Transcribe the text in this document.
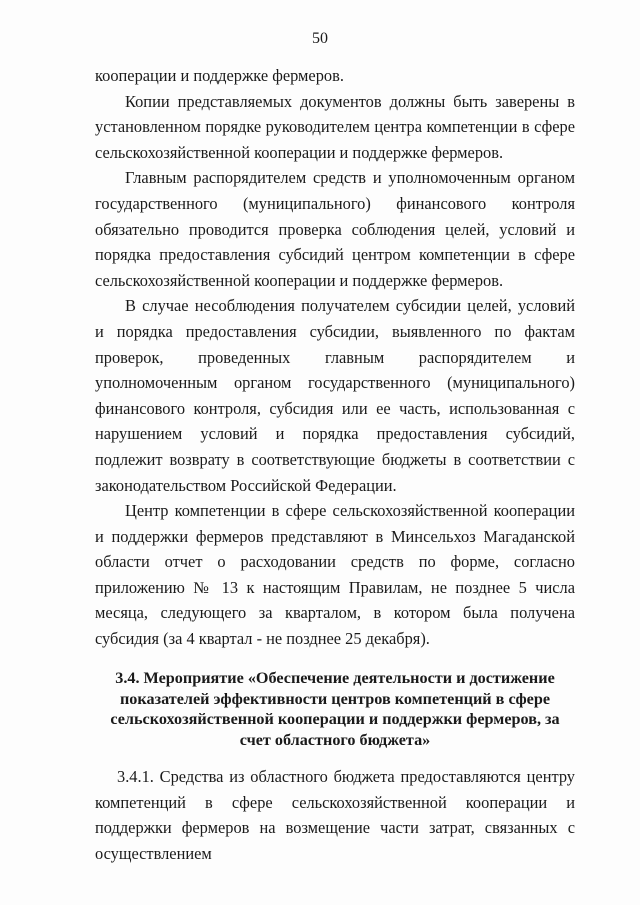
50

кооперации и поддержке фермеров.

Копии представляемых документов должны быть заверены в установленном порядке руководителем центра компетенции в сфере сельскохозяйственной кооперации и поддержке фермеров.

Главным распорядителем средств и уполномоченным органом государственного (муниципального) финансового контроля обязательно проводится проверка соблюдения целей, условий и порядка предоставления субсидий центром компетенции в сфере сельскохозяйственной кооперации и поддержке фермеров.

В случае несоблюдения получателем субсидии целей, условий и порядка предоставления субсидии, выявленного по фактам проверок, проведенных главным распорядителем и уполномоченным органом государственного (муниципального) финансового контроля, субсидия или ее часть, использованная с нарушением условий и порядка предоставления субсидий, подлежит возврату в соответствующие бюджеты в соответствии с законодательством Российской Федерации.

Центр компетенции в сфере сельскохозяйственной кооперации и поддержки фермеров представляют в Минсельхоз Магаданской области отчет о расходовании средств по форме, согласно приложению № 13 к настоящим Правилам, не позднее 5 числа месяца, следующего за кварталом, в котором была получена субсидия (за 4 квартал - не позднее 25 декабря).

3.4. Мероприятие «Обеспечение деятельности и достижение показателей эффективности центров компетенций в сфере сельскохозяйственной кооперации и поддержки фермеров, за счет областного бюджета»

3.4.1. Средства из областного бюджета предоставляются центру компетенций в сфере сельскохозяйственной кооперации и поддержки фермеров на возмещение части затрат, связанных с осуществлением
